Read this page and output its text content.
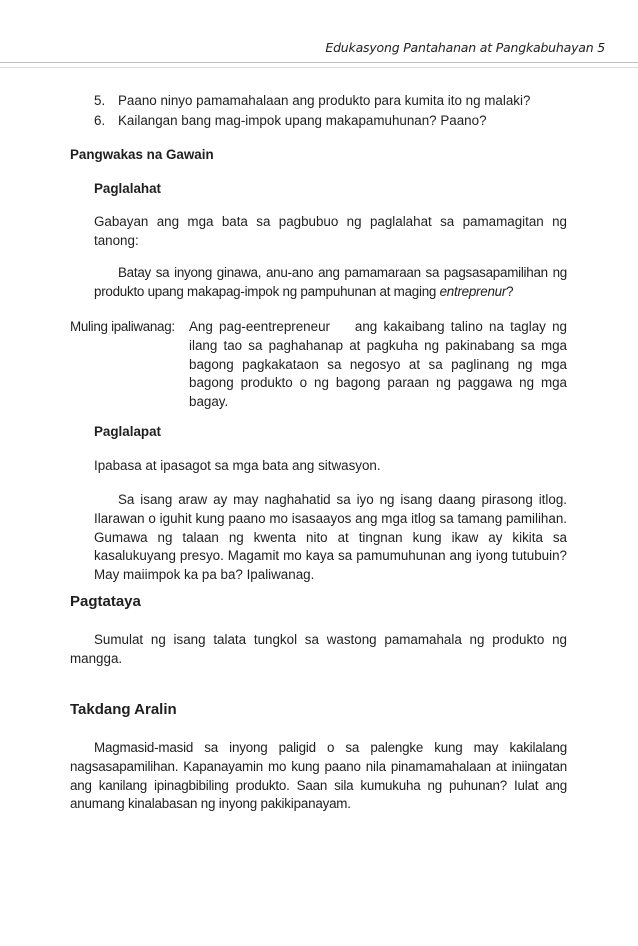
Edukasyong Pantahanan at Pangkabuhayan 5
5. Paano ninyo pamamahalaan ang produkto para kumita ito ng malaki?
6. Kailangan bang mag-impok upang makapamuhunan? Paano?
Pangwakas na Gawain
Paglalahat
Gabayan ang mga bata sa pagbubuo ng paglalahat sa pamamagitan ng tanong:
Batay sa inyong ginawa, anu-ano ang pamamaraan sa pagsasapamilihan ng produkto upang makapag-impok ng pampuhunan at maging entreprenur?
Muling ipaliwanag: Ang pag-eentrepreneur    ang kakaibang talino na taglay ng ilang tao sa paghahanap at pagkuha ng pakinabang sa mga bagong pagkakataon sa negosyo at sa paglinang ng mga bagong produkto o ng bagong paraan ng paggawa ng mga bagay.
Paglalapat
Ipabasa at ipasagot sa mga bata ang sitwasyon.
Sa isang araw ay may naghahatid sa iyo ng isang daang pirasong itlog. Ilarawan o iguhit kung paano mo isasaayos ang mga itlog sa tamang pamilihan. Gumawa ng talaan ng kwenta nito at tingnan kung ikaw ay kikita sa kasalukuyang presyo. Magamit mo kaya sa pamumuhunan ang iyong tutubuin? May maiimpok ka pa ba? Ipaliwanag.
Pagtataya
Sumulat ng isang talata tungkol sa wastong pamamahala ng produkto ng mangga.
Takdang Aralin
Magmasid-masid sa inyong paligid o sa palengke kung may kakilalang nagsasapamilihan. Kapanayamin mo kung paano nila pinamamahalaan at iniingatan ang kanilang ipinagbibiling produkto. Saan sila kumukuha ng puhunan? Iulat ang anumang kinalabasan ng inyong pakikipanayam.
